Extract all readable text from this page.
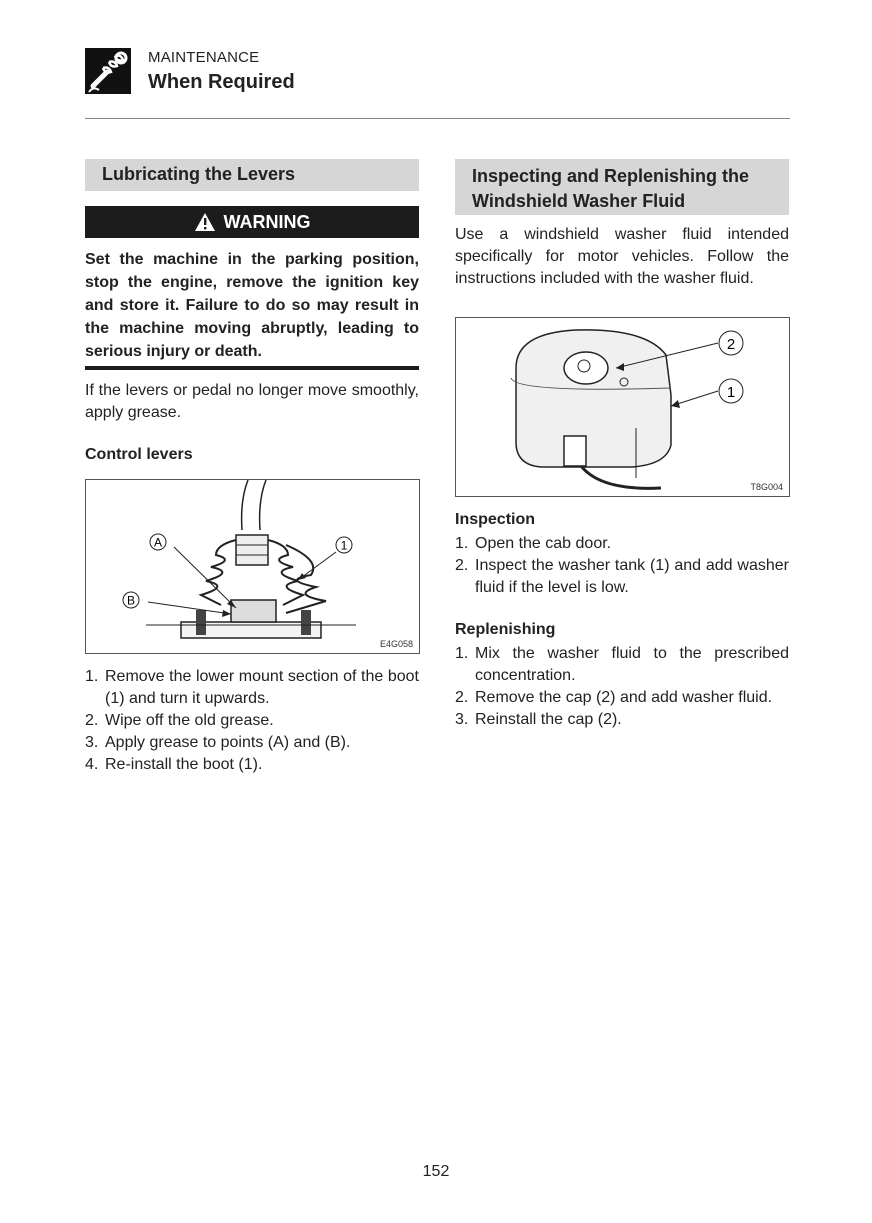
MAINTENANCE
When Required
Lubricating the Levers
WARNING
Set the machine in the parking position, stop the engine, remove the ignition key and store it. Failure to do so may result in the machine moving abruptly, leading to serious injury or death.
If the levers or pedal no longer move smoothly, apply grease.
Control levers
A	1
B
E4G058
1. Remove the lower mount section of the boot (1) and turn it upwards.
2. Wipe off the old grease.
3. Apply grease to points (A) and (B).
4. Re-install the boot (1).
Inspecting and Replenishing the
Windshield Washer Fluid
Use a windshield washer fluid intended specifically for motor vehicles. Follow the instructions included with the washer fluid.
2
1
T8G004
Inspection
1. Open the cab door.
2. Inspect the washer tank (1) and add washer fluid if the level is low.
Replenishing
1. Mix the washer fluid to the prescribed concentration.
2. Remove the cap (2) and add washer fluid.
3. Reinstall the cap (2).
152
